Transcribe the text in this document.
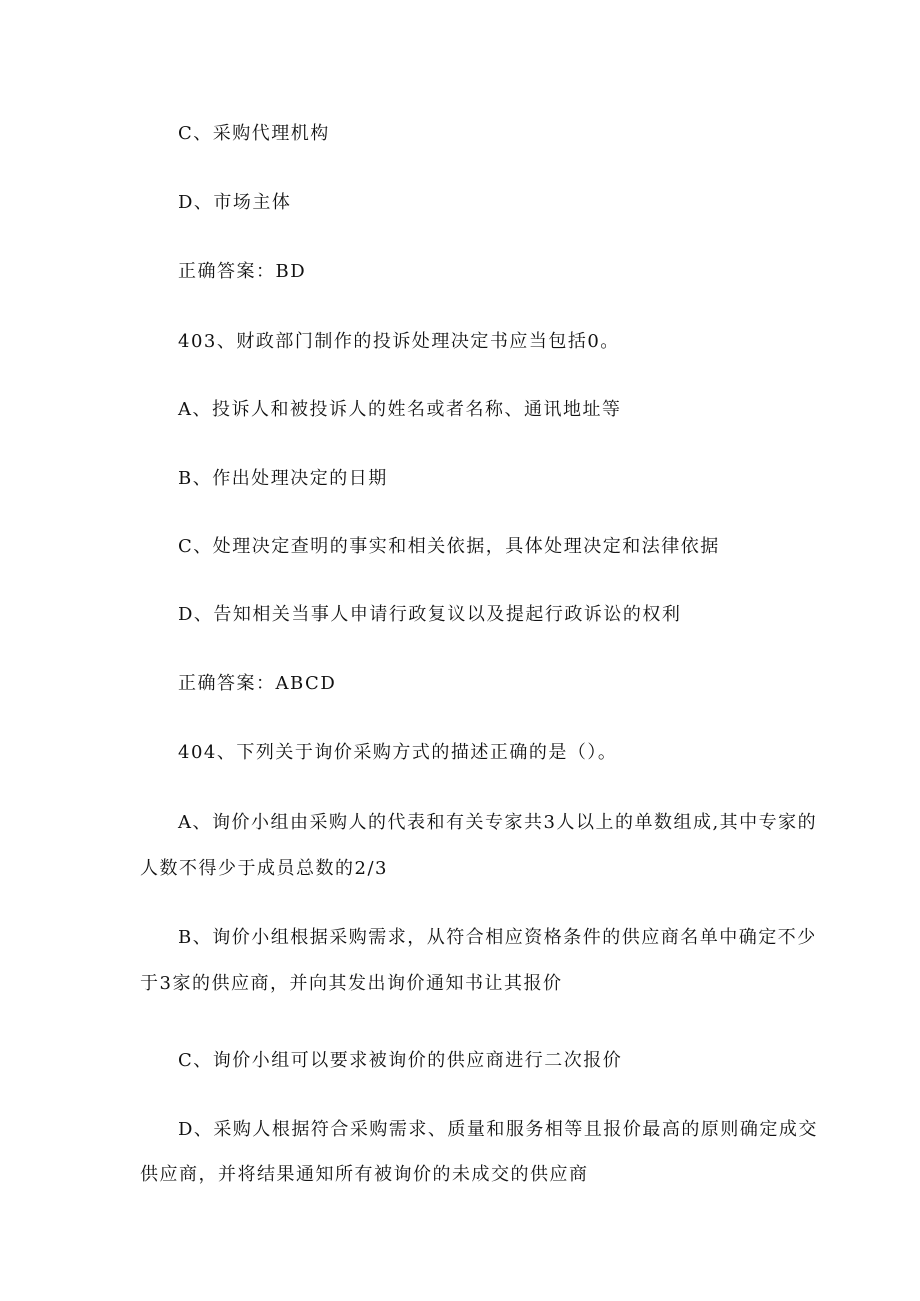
C、采购代理机构
D、市场主体
正确答案：BD
403、财政部门制作的投诉处理决定书应当包括0。
A、投诉人和被投诉人的姓名或者名称、通讯地址等
B、作出处理决定的日期
C、处理决定查明的事实和相关依据，具体处理决定和法律依据
D、告知相关当事人申请行政复议以及提起行政诉讼的权利
正确答案：ABCD
404、下列关于询价采购方式的描述正确的是（）。
A、询价小组由采购人的代表和有关专家共3人以上的单数组成,其中专家的
人数不得少于成员总数的2/3
B、询价小组根据采购需求，从符合相应资格条件的供应商名单中确定不少
于3家的供应商，并向其发出询价通知书让其报价
C、询价小组可以要求被询价的供应商进行二次报价
D、采购人根据符合采购需求、质量和服务相等且报价最高的原则确定成交
供应商，并将结果通知所有被询价的未成交的供应商
